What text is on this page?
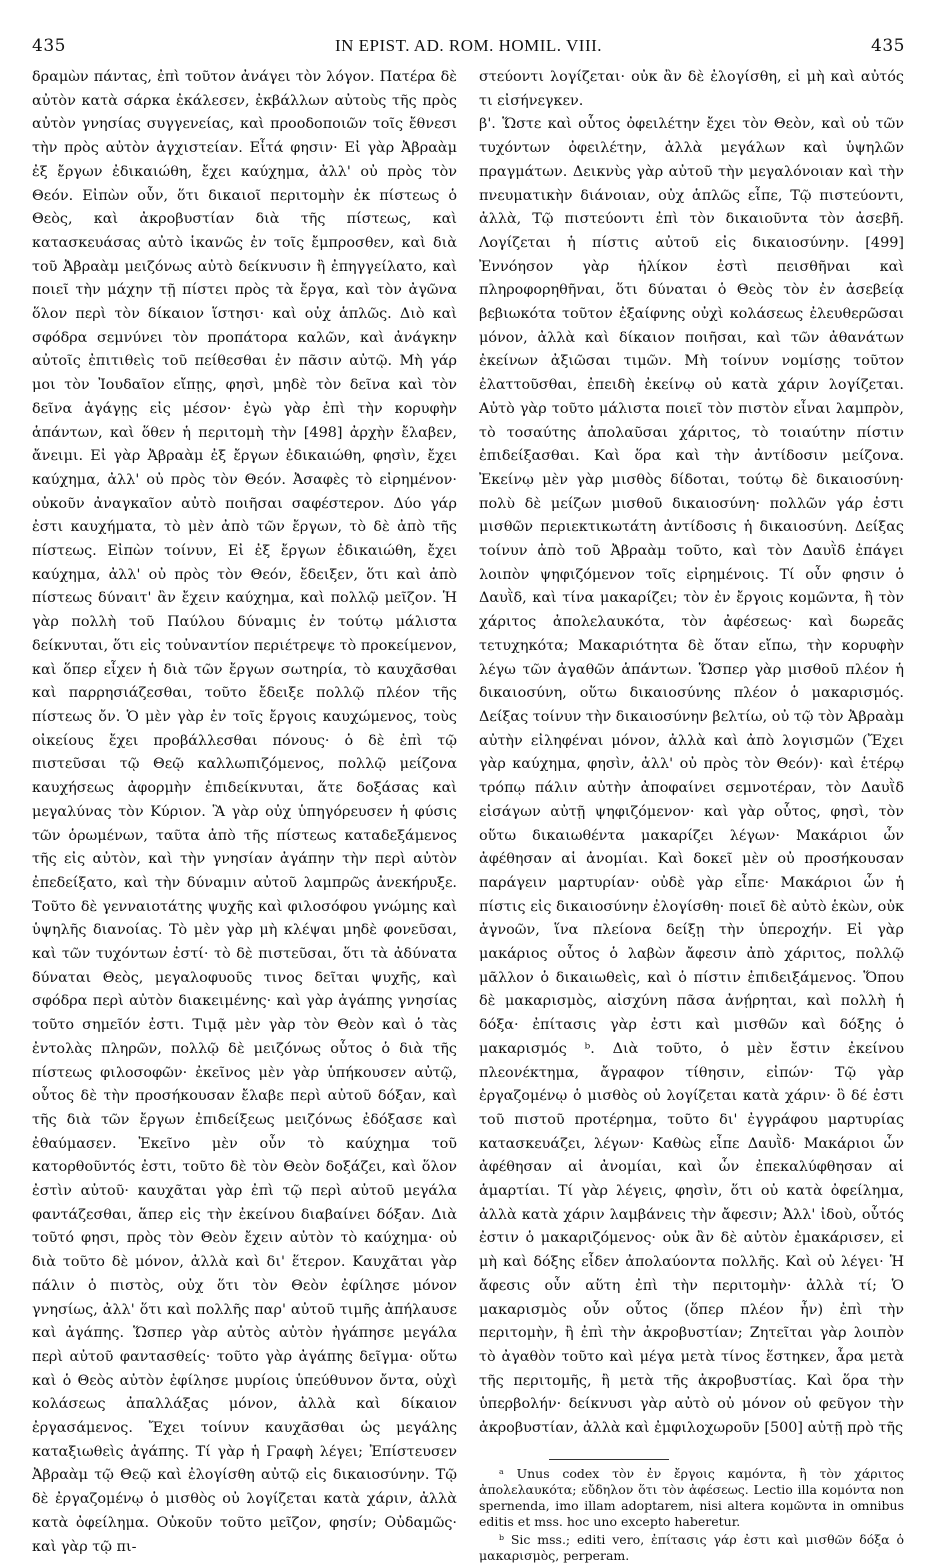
435	IN EPIST. AD. ROM. HOMIL. VIII.	435

δραμὼν πάντας, ἐπὶ τοῦτον ἀνάγει τὸν λόγον. Πατέρα δὲ αὐτὸν κατὰ σάρκα ἐκάλεσεν, ἐκβάλλων αὐτοὺς τῆς πρὸς αὐτὸν γνησίας συγγενείας, καὶ προοδοποιῶν τοῖς ἔθνεσι τὴν πρὸς αὐτὸν ἀγχιστείαν. Εἶτά φησιν· Εἰ γὰρ Ἀβραὰμ ἐξ ἔργων ἐδικαιώθη, ἔχει καύχημα, ἀλλ' οὐ πρὸς τὸν Θεόν. Εἰπὼν οὖν, ὅτι δικαιοῖ περιτομὴν ἐκ πίστεως ὁ Θεὸς, καὶ ἀκροβυστίαν διὰ τῆς πίστεως, καὶ κατασκευάσας αὐτὸ ἱκανῶς ἐν τοῖς ἔμπροσθεν, καὶ διὰ τοῦ Ἀβραὰμ μειζόνως αὐτὸ δείκνυσιν ἢ ἐπηγγείλατο, καὶ ποιεῖ τὴν μάχην τῇ πίστει πρὸς τὰ ἔργα, καὶ τὸν ἀγῶνα ὅλον περὶ τὸν δίκαιον ἵστησι· καὶ οὐχ ἁπλῶς. Διὸ καὶ σφόδρα σεμνύνει τὸν προπάτορα καλῶν, καὶ ἀνάγκην αὐτοῖς ἐπιτιθεὶς τοῦ πείθεσθαι ἐν πᾶσιν αὐτῷ. Μὴ γάρ μοι τὸν Ἰουδαῖον εἴπῃς, φησὶ, μηδὲ τὸν δεῖνα καὶ τὸν δεῖνα ἀγάγῃς εἰς μέσον· ἐγὼ γὰρ ἐπὶ τὴν κορυφὴν ἁπάντων, καὶ ὅθεν ἡ περιτομὴ τὴν [498] ἀρχὴν ἔλαβεν, ἄνειμι. Εἰ γὰρ Ἀβραὰμ ἐξ ἔργων ἐδικαιώθη, φησὶν, ἔχει καύχημα, ἀλλ' οὐ πρὸς τὸν Θεόν. Ἀσαφὲς τὸ εἰρημένον· οὐκοῦν ἀναγκαῖον αὐτὸ ποιῆσαι σαφέστερον. Δύο γάρ ἐστι καυχήματα, τὸ μὲν ἀπὸ τῶν ἔργων, τὸ δὲ ἀπὸ τῆς πίστεως. Εἰπὼν τοίνυν, Εἰ ἐξ ἔργων ἐδικαιώθη, ἔχει καύχημα, ἀλλ' οὐ πρὸς τὸν Θεόν, ἔδειξεν, ὅτι καὶ ἀπὸ πίστεως δύναιτ' ἂν ἔχειν καύχημα, καὶ πολλῷ μεῖζον. Ἡ γὰρ πολλὴ τοῦ Παύλου δύναμις ἐν τούτῳ μάλιστα δείκνυται, ὅτι εἰς τοὐναντίον περιέτρεψε τὸ προκείμενον, καὶ ὅπερ εἶχεν ἡ διὰ τῶν ἔργων σωτηρία, τὸ καυχᾶσθαι καὶ παρρησιάζεσθαι, τοῦτο ἔδειξε πολλῷ πλέον τῆς πίστεως ὄν. Ὁ μὲν γὰρ ἐν τοῖς ἔργοις καυχώμενος, τοὺς οἰκείους ἔχει προβάλλεσθαι πόνους· ὁ δὲ ἐπὶ τῷ πιστεῦσαι τῷ Θεῷ καλλωπιζόμενος, πολλῷ μείζονα καυχήσεως ἀφορμὴν ἐπιδείκνυται, ἅτε δοξάσας καὶ μεγαλύνας τὸν Κύριον. Ἃ γὰρ οὐχ ὑπηγόρευσεν ἡ φύσις τῶν ὁρωμένων, ταῦτα ἀπὸ τῆς πίστεως καταδεξάμενος τῆς εἰς αὐτὸν, καὶ τὴν γνησίαν ἀγάπην τὴν περὶ αὐτὸν ἐπεδείξατο, καὶ τὴν δύναμιν αὐτοῦ λαμπρῶς ἀνεκήρυξε. Τοῦτο δὲ γενναιοτάτης ψυχῆς καὶ φιλοσόφου γνώμης καὶ ὑψηλῆς διανοίας. Τὸ μὲν γὰρ μὴ κλέψαι μηδὲ φονεῦσαι, καὶ τῶν τυχόντων ἐστί· τὸ δὲ πιστεῦσαι, ὅτι τὰ ἀδύνατα δύναται Θεὸς, μεγαλοφυοῦς τινος δεῖται ψυχῆς, καὶ σφόδρα περὶ αὐτὸν διακειμένης· καὶ γὰρ ἀγάπης γνησίας τοῦτο σημεῖόν ἐστι. Τιμᾷ μὲν γὰρ τὸν Θεὸν καὶ ὁ τὰς ἐντολὰς πληρῶν, πολλῷ δὲ μειζόνως οὗτος ὁ διὰ τῆς πίστεως φιλοσοφῶν· ἐκεῖνος μὲν γὰρ ὑπήκουσεν αὐτῷ, οὗτος δὲ τὴν προσήκουσαν ἔλαβε περὶ αὐτοῦ δόξαν, καὶ τῆς διὰ τῶν ἔργων ἐπιδείξεως μειζόνως ἐδόξασε καὶ ἐθαύμασεν. Ἐκεῖνο μὲν οὖν τὸ καύχημα τοῦ κατορθοῦντός ἐστι, τοῦτο δὲ τὸν Θεὸν δοξάζει, καὶ ὅλον ἐστὶν αὐτοῦ· καυχᾶται γὰρ ἐπὶ τῷ περὶ αὐτοῦ μεγάλα φαντάζεσθαι, ἅπερ εἰς τὴν ἐκείνου διαβαίνει δόξαν. Διὰ τοῦτό φησι, πρὸς τὸν Θεὸν ἔχειν αὐτὸν τὸ καύχημα· οὐ διὰ τοῦτο δὲ μόνον, ἀλλὰ καὶ δι' ἕτερον. Καυχᾶται γὰρ πάλιν ὁ πιστὸς, οὐχ ὅτι τὸν Θεὸν ἐφίλησε μόνον γνησίως, ἀλλ' ὅτι καὶ πολλῆς παρ' αὐτοῦ τιμῆς ἀπήλαυσε καὶ ἀγάπης. Ὥσπερ γὰρ αὐτὸς αὐτὸν ἠγάπησε μεγάλα περὶ αὐτοῦ φαντασθείς· τοῦτο γὰρ ἀγάπης δεῖγμα· οὕτω καὶ ὁ Θεὸς αὐτὸν ἐφίλησε μυρίοις ὑπεύθυνον ὄντα, οὐχὶ κολάσεως ἀπαλλάξας μόνον, ἀλλὰ καὶ δίκαιον ἐργασάμενος. Ἔχει τοίνυν καυχᾶσθαι ὡς μεγάλης καταξιωθεὶς ἀγάπης. Τί γὰρ ἡ Γραφὴ λέγει; Ἐπίστευσεν Ἀβραὰμ τῷ Θεῷ καὶ ἐλογίσθη αὐτῷ εἰς δικαιοσύνην. Τῷ δὲ ἐργαζομένῳ ὁ μισθὸς οὐ λογίζεται κατὰ χάριν, ἀλλὰ κατὰ ὀφείλημα. Οὐκοῦν τοῦτο μεῖζον, φησίν; Οὐδαμῶς· καὶ γὰρ τῷ πι-

στεύοντι λογίζεται· οὐκ ἂν δὲ ἐλογίσθη, εἰ μὴ καὶ αὐτός τι εἰσήνεγκεν.

β'. Ὥστε καὶ οὗτος ὀφειλέτην ἔχει τὸν Θεὸν, καὶ οὐ τῶν τυχόντων ὀφειλέτην, ἀλλὰ μεγάλων καὶ ὑψηλῶν πραγμάτων. Δεικνὺς γὰρ αὐτοῦ τὴν μεγαλόνοιαν καὶ τὴν πνευματικὴν διάνοιαν, οὐχ ἁπλῶς εἶπε, Τῷ πιστεύοντι, ἀλλὰ, Τῷ πιστεύοντι ἐπὶ τὸν δικαιοῦντα τὸν ἀσεβῆ. Λογίζεται ἡ πίστις αὐτοῦ εἰς δικαιοσύνην. [499] Ἐννόησον γὰρ ἡλίκον ἐστὶ πεισθῆναι καὶ πληροφορηθῆναι, ὅτι δύναται ὁ Θεὸς τὸν ἐν ἀσεβείᾳ βεβιωκότα τοῦτον ἐξαίφνης οὐχὶ κολάσεως ἐλευθερῶσαι μόνον, ἀλλὰ καὶ δίκαιον ποιῆσαι, καὶ τῶν ἀθανάτων ἐκείνων ἀξιῶσαι τιμῶν. Μὴ τοίνυν νομίσῃς τοῦτον ἐλαττοῦσθαι, ἐπειδὴ ἐκείνῳ οὐ κατὰ χάριν λογίζεται. Αὐτὸ γὰρ τοῦτο μάλιστα ποιεῖ τὸν πιστὸν εἶναι λαμπρὸν, τὸ τοσαύτης ἀπολαῦσαι χάριτος, τὸ τοιαύτην πίστιν ἐπιδείξασθαι. Καὶ ὅρα καὶ τὴν ἀντίδοσιν μείζονα. Ἐκείνῳ μὲν γὰρ μισθὸς δίδοται, τούτῳ δὲ δικαιοσύνη· πολὺ δὲ μείζων μισθοῦ δικαιοσύνη· πολλῶν γάρ ἐστι μισθῶν περιεκτικωτάτη ἀντίδοσις ἡ δικαιοσύνη. Δείξας τοίνυν ἀπὸ τοῦ Ἀβραὰμ τοῦτο, καὶ τὸν Δαυῒδ ἐπάγει λοιπὸν ψηφιζόμενον τοῖς εἰρημένοις. Τί οὖν φησιν ὁ Δαυῒδ, καὶ τίνα μακαρίζει; τὸν ἐν ἔργοις κομῶντα, ἢ τὸν χάριτος ἀπολελαυκότα, τὸν ἀφέσεως· καὶ δωρεᾶς τετυχηκότα; Μακαριότητα δὲ ὅταν εἴπω, τὴν κορυφὴν λέγω τῶν ἀγαθῶν ἁπάντων. Ὥσπερ γὰρ μισθοῦ πλέον ἡ δικαιοσύνη, οὕτω δικαιοσύνης πλέον ὁ μακαρισμός. Δείξας τοίνυν τὴν δικαιοσύνην βελτίω, οὐ τῷ τὸν Ἀβραὰμ αὐτὴν εἰληφέναι μόνον, ἀλλὰ καὶ ἀπὸ λογισμῶν (Ἔχει γὰρ καύχημα, φησὶν, ἀλλ' οὐ πρὸς τὸν Θεόν)· καὶ ἑτέρῳ τρόπῳ πάλιν αὐτὴν ἀποφαίνει σεμνοτέραν, τὸν Δαυῒδ εἰσάγων αὐτῇ ψηφιζόμενον· καὶ γὰρ οὗτος, φησὶ, τὸν οὕτω δικαιωθέντα μακαρίζει λέγων· Μακάριοι ὧν ἀφέθησαν αἱ ἀνομίαι. Καὶ δοκεῖ μὲν οὐ προσήκουσαν παράγειν μαρτυρίαν· οὐδὲ γὰρ εἶπε· Μακάριοι ὧν ἡ πίστις εἰς δικαιοσύνην ἐλογίσθη· ποιεῖ δὲ αὐτὸ ἑκὼν, οὐκ ἀγνοῶν, ἵνα πλείονα δείξῃ τὴν ὑπεροχήν. Εἰ γὰρ μακάριος οὗτος ὁ λαβὼν ἄφεσιν ἀπὸ χάριτος, πολλῷ μᾶλλον ὁ δικαιωθεὶς, καὶ ὁ πίστιν ἐπιδειξάμενος. Ὅπου δὲ μακαρισμὸς, αἰσχύνη πᾶσα ἀνῄρηται, καὶ πολλὴ ἡ δόξα· ἐπίτασις γὰρ ἐστι καὶ μισθῶν καὶ δόξης ὁ μακαρισμός ᵇ. Διὰ τοῦτο, ὁ μὲν ἔστιν ἐκείνου πλεονέκτημα, ἄγραφον τίθησιν, εἰπών· Τῷ γὰρ ἐργαζομένῳ ὁ μισθὸς οὐ λογίζεται κατὰ χάριν· ὃ δέ ἐστι τοῦ πιστοῦ προτέρημα, τοῦτο δι' ἐγγράφου μαρτυρίας κατασκευάζει, λέγων· Καθὼς εἶπε Δαυῒδ· Μακάριοι ὧν ἀφέθησαν αἱ ἀνομίαι, καὶ ὧν ἐπεκαλύφθησαν αἱ ἁμαρτίαι. Τί γὰρ λέγεις, φησὶν, ὅτι οὐ κατὰ ὀφείλημα, ἀλλὰ κατὰ χάριν λαμβάνεις τὴν ἄφεσιν; Ἀλλ' ἰδοὺ, οὗτός ἐστιν ὁ μακαριζόμενος· οὐκ ἂν δὲ αὐτὸν ἐμακάρισεν, εἰ μὴ καὶ δόξης εἶδεν ἀπολαύοντα πολλῆς. Καὶ οὐ λέγει· Ἡ ἄφεσις οὖν αὕτη ἐπὶ τὴν περιτομὴν· ἀλλὰ τί; Ὁ μακαρισμὸς οὖν οὗτος (ὅπερ πλέον ἦν) ἐπὶ τὴν περιτομὴν, ἢ ἐπὶ τὴν ἀκροβυστίαν; Ζητεῖται γὰρ λοιπὸν τὸ ἀγαθὸν τοῦτο καὶ μέγα μετὰ τίνος ἕστηκεν, ἆρα μετὰ τῆς περιτομῆς, ἢ μετὰ τῆς ἀκροβυστίας. Καὶ ὅρα τὴν ὑπερβολήν· δείκνυσι γὰρ αὐτὸ οὐ μόνον οὐ φεῦγον τὴν ἀκροβυστίαν, ἀλλὰ καὶ ἐμφιλοχωροῦν [500] αὐτῇ πρὸ τῆς

ᵃ Unus codex τὸν ἐν ἔργοις καμόντα, ἢ τὸν χάριτος ἀπολελαυκότα; εὔδηλον ὅτι τὸν ἀφέσεως. Lectio illa κομόντα non spernenda, imo illam adoptarem, nisi altera κομῶντα in omnibus editis et mss. hoc uno excepto haberetur.

ᵇ Sic mss.; editi vero, ἐπίτασις γάρ ἐστι καὶ μισθῶν δόξα ὁ μακαρισμὸς, perperam.
